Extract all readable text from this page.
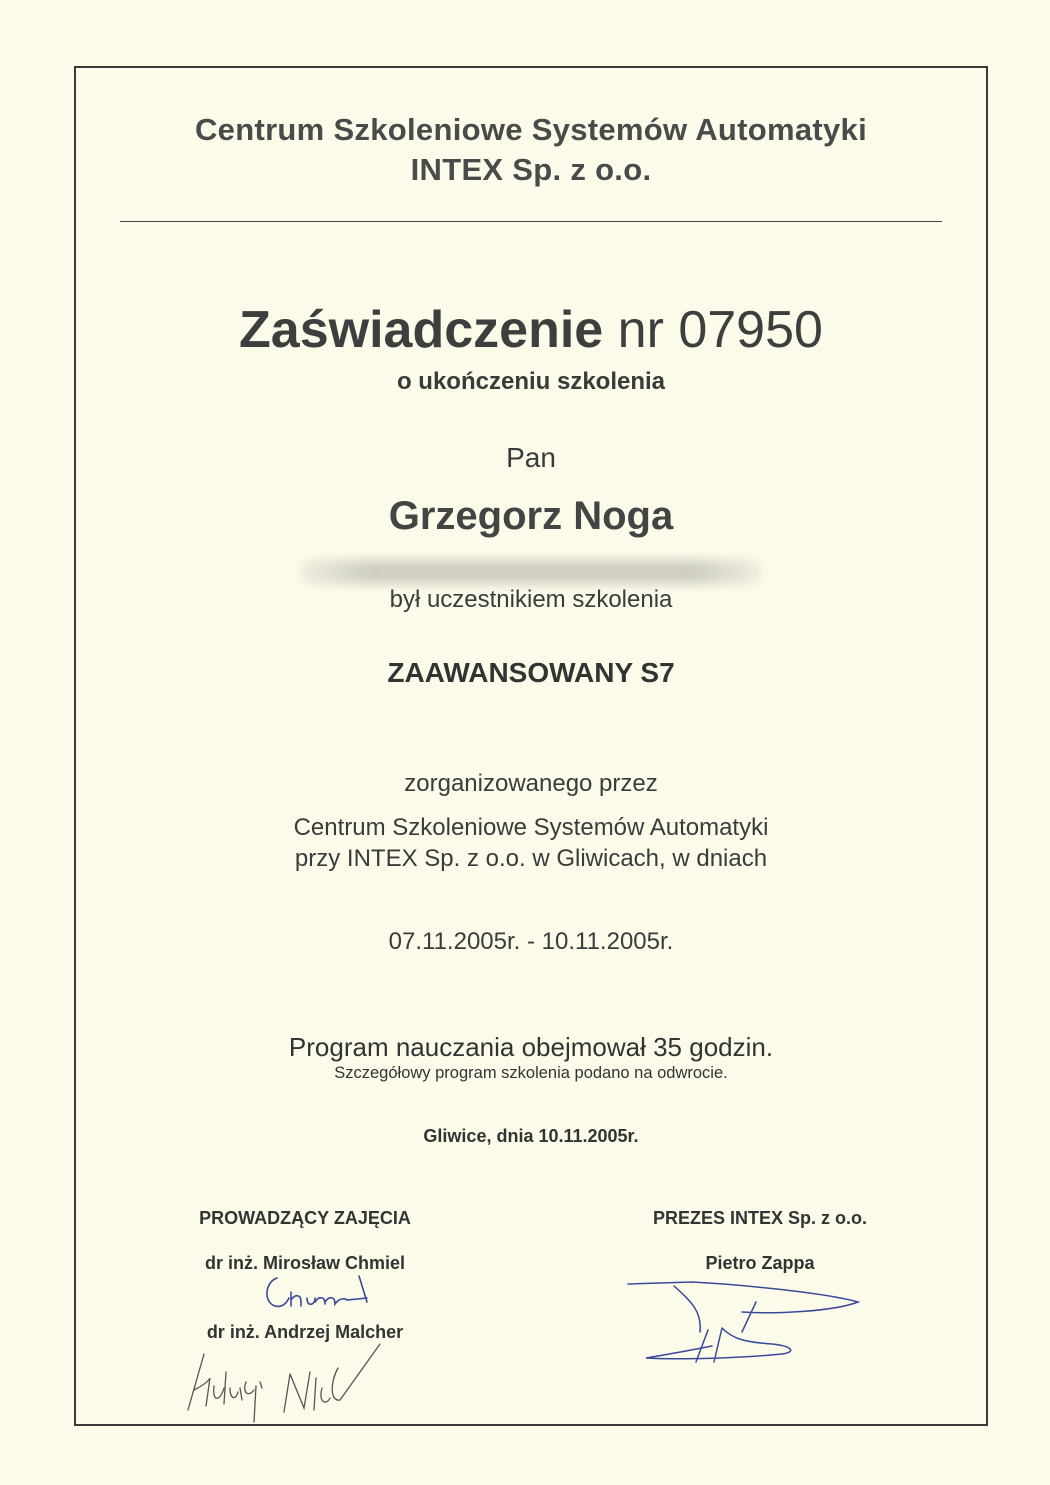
Centrum Szkoleniowe Systemów Automatyki
INTEX Sp. z o.o.
Zaświadczenie nr 07950
o ukończeniu szkolenia
Pan
Grzegorz Noga
był uczestnikiem szkolenia
ZAAWANSOWANY S7
zorganizowanego przez
Centrum Szkoleniowe Systemów Automatyki
przy INTEX Sp. z o.o. w Gliwicach, w dniach
07.11.2005r. - 10.11.2005r.
Program nauczania obejmował 35 godzin.
Szczegółowy program szkolenia podano na odwrocie.
Gliwice, dnia 10.11.2005r.
PROWADZĄCY ZAJĘCIA
dr inż. Mirosław Chmiel
dr inż. Andrzej Malcher
PREZES INTEX Sp. z o.o.
Pietro Zappa
